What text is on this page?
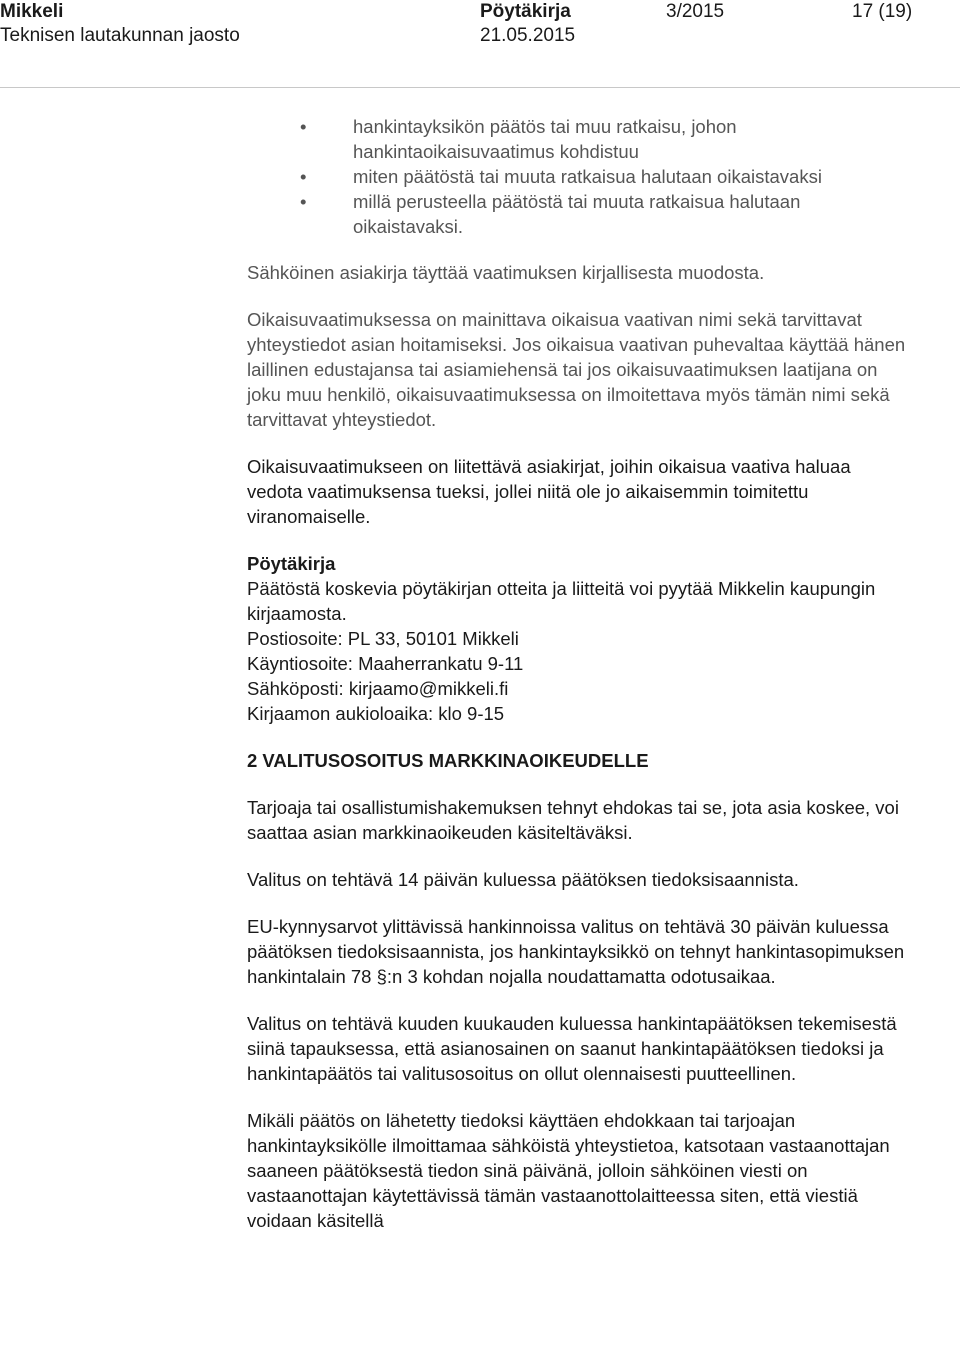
Mikkeli	Pöytäkirja	3/2015	17 (19)
Teknisen lautakunnan jaosto	21.05.2015
•	hankintayksikön päätös tai muu ratkaisu, johon hankintaoikaisuvaatimus kohdistuu
•	miten päätöstä tai muuta ratkaisua halutaan oikaistavaksi
•	millä perusteella päätöstä tai muuta ratkaisua halutaan oikaistavaksi.

Sähköinen asiakirja täyttää vaatimuksen kirjallisesta muodosta.

Oikaisuvaatimuksessa on mainittava oikaisua vaativan nimi sekä tarvittavat yhteystiedot asian hoitamiseksi. Jos oikaisua vaativan puhevaltaa käyttää hänen laillinen edustajansa tai asiamiehensä tai jos oikaisuvaatimuksen laatijana on joku muu henkilö, oikaisuvaatimuksessa on ilmoitettava myös tämän nimi sekä tarvittavat yhteystiedot.

Oikaisuvaatimukseen on liitettävä asiakirjat, joihin oikaisua vaativa haluaa vedota vaatimuksensa tueksi, jollei niitä ole jo aikaisemmin toimitettu viranomaiselle.

Pöytäkirja

Päätöstä koskevia pöytäkirjan otteita ja liitteitä voi pyytää Mikkelin kaupungin kirjaamosta.

Postiosoite: PL 33, 50101 Mikkeli

Käyntiosoite: Maaherrankatu 9-11

Sähköposti: kirjaamo@mikkeli.fi

Kirjaamon aukioloaika: klo 9-15

2 VALITUSOSOITUS MARKKINAOIKEUDELLE

Tarjoaja tai osallistumishakemuksen tehnyt ehdokas tai se, jota asia koskee, voi saattaa asian markkinaoikeuden käsiteltäväksi.

Valitus on tehtävä 14 päivän kuluessa päätöksen tiedoksisaannista.

EU-kynnysarvot ylittävissä hankinnoissa valitus on tehtävä 30 päivän kuluessa päätöksen tiedoksisaannista, jos hankintayksikkö on tehnyt hankintasopimuksen hankintalain 78 §:n 3 kohdan nojalla noudattamatta odotusaikaa.

Valitus on tehtävä kuuden kuukauden kuluessa hankintapäätöksen tekemisestä siinä tapauksessa, että asianosainen on saanut hankintapäätöksen tiedoksi ja hankintapäätös tai valitusosoitus on ollut olennaisesti puutteellinen.

Mikäli päätös on lähetetty tiedoksi käyttäen ehdokkaan tai tarjoajan hankintayksikölle ilmoittamaa sähköistä yhteystietoa, katsotaan vastaanottajan saaneen päätöksestä tiedon sinä päivänä, jolloin sähköinen viesti on vastaanottajan käytettävissä tämän vastaanottolaitteessa siten, että viestiä voidaan käsitellä
